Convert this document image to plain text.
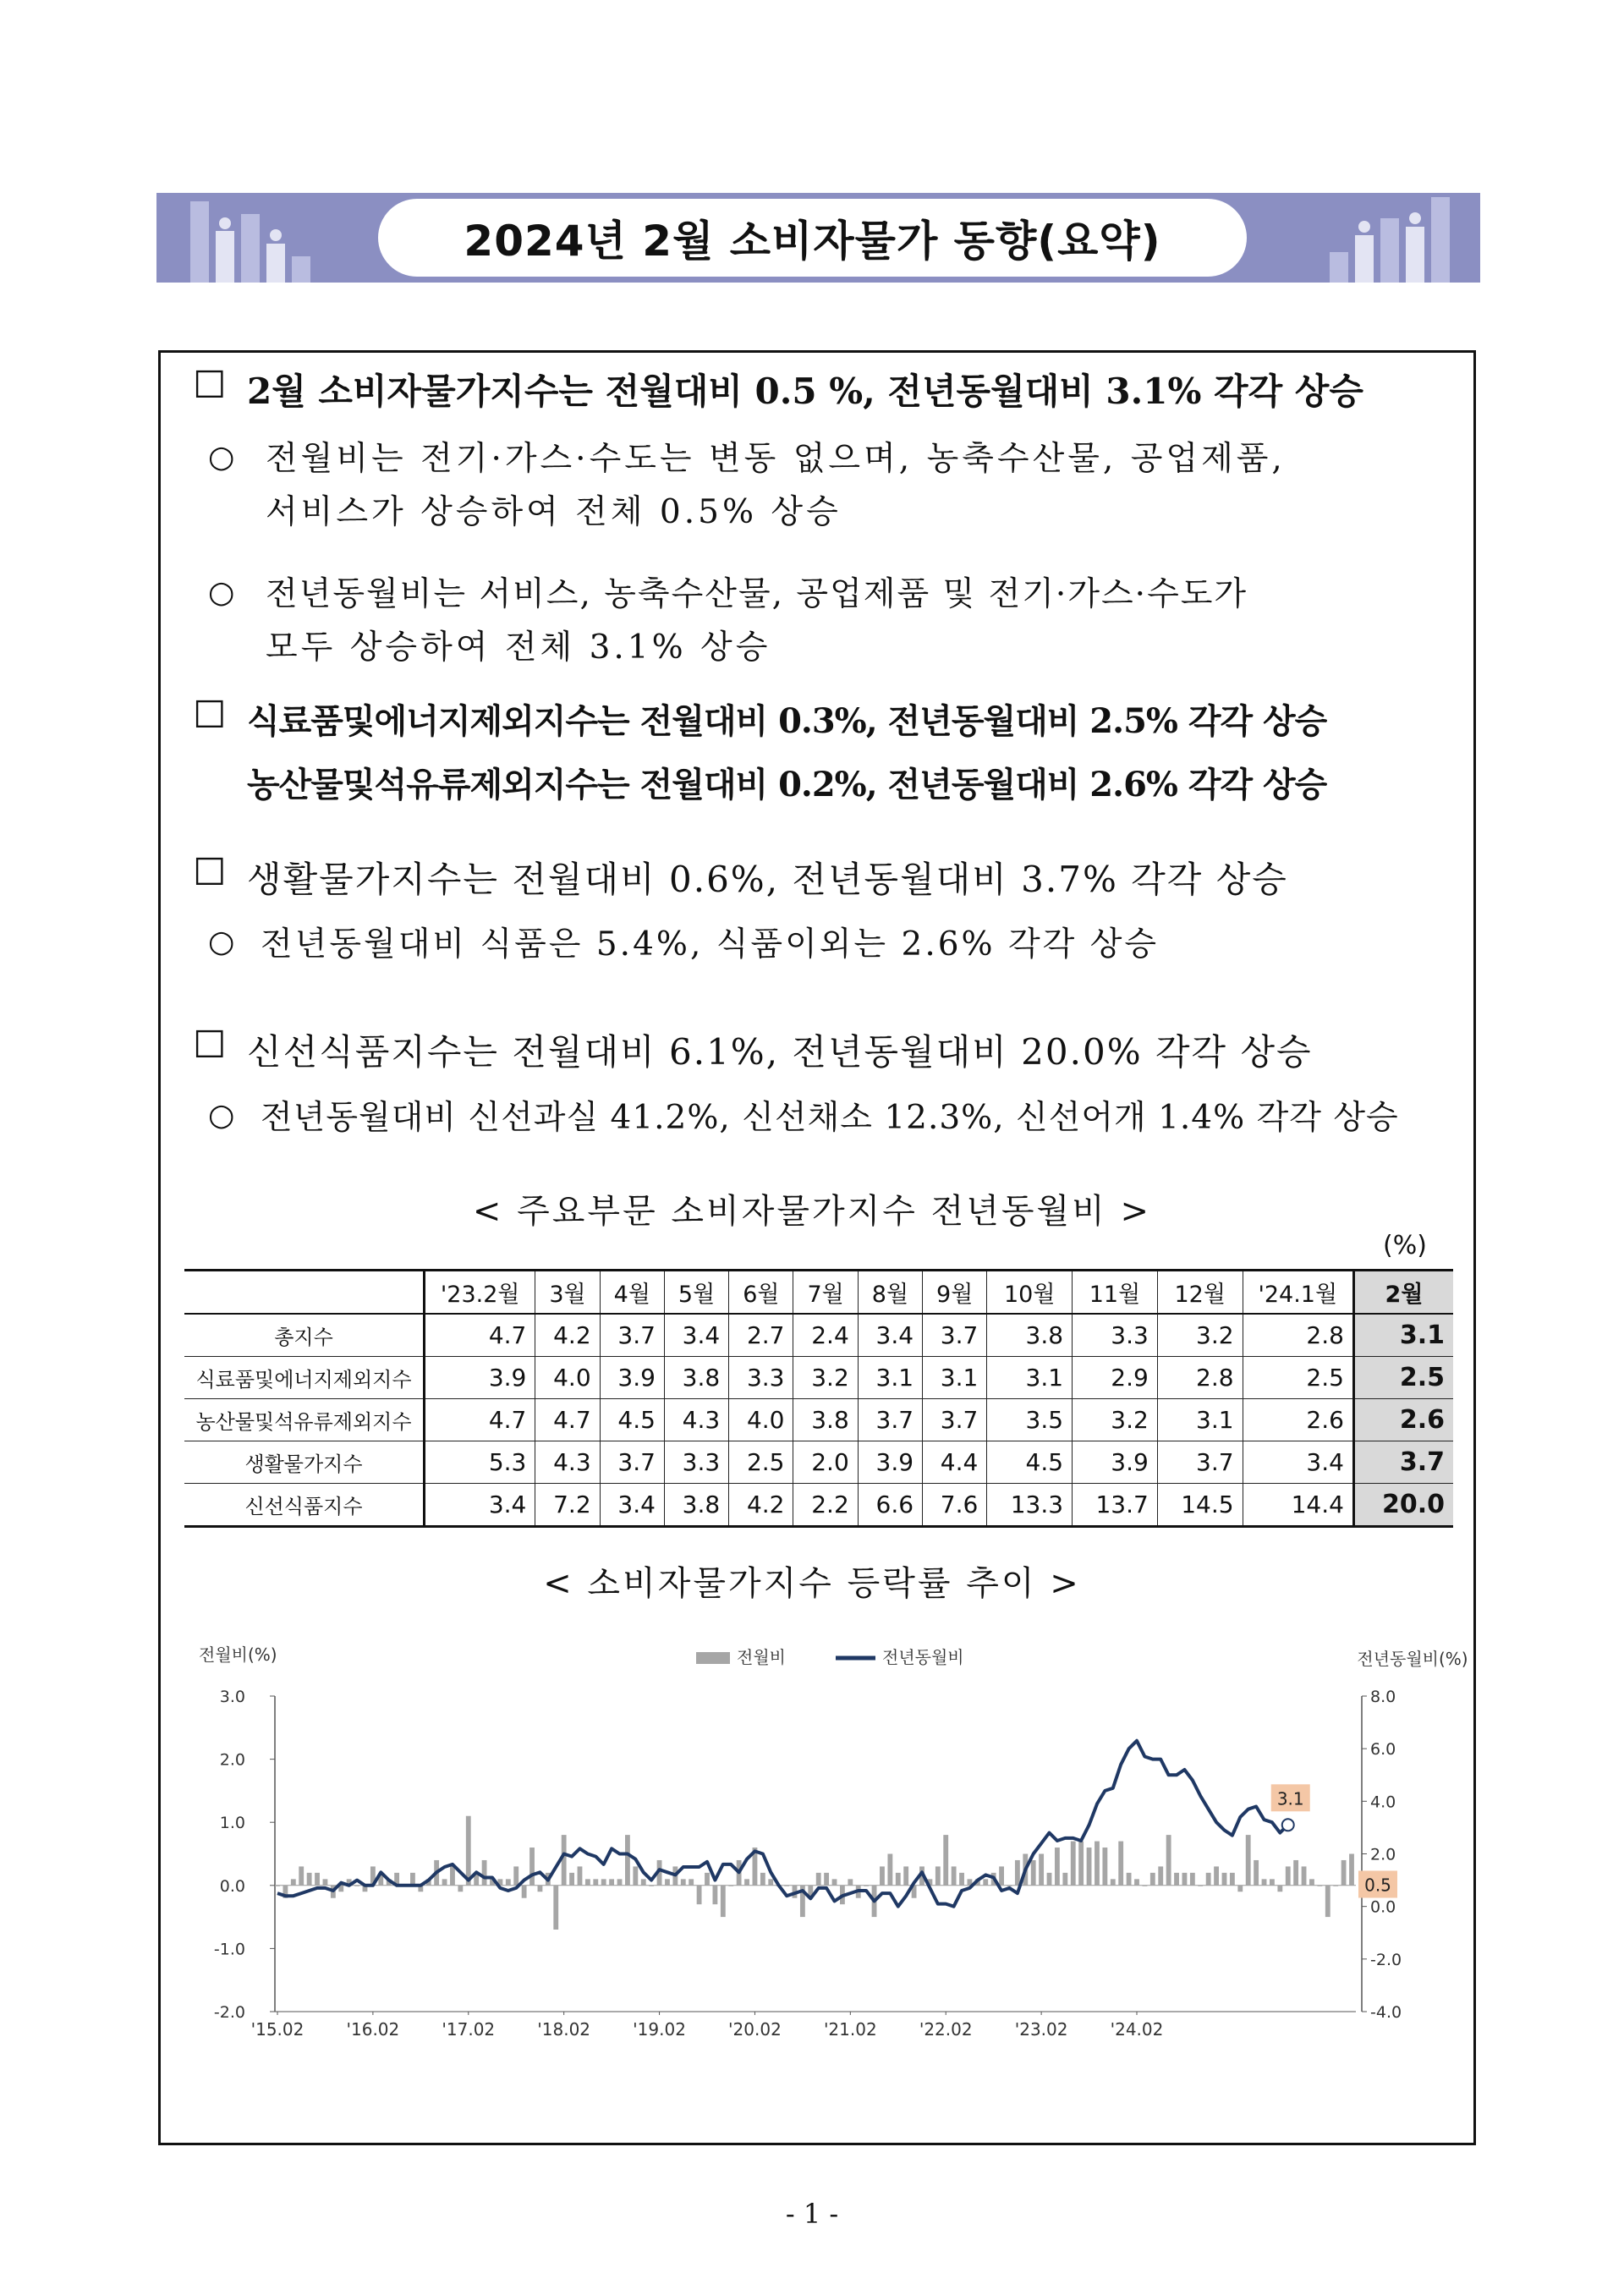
2024년 2월 소비자물가 동향(요약)
☐ 2월 소비자물가지수는 전월대비 0.5 %, 전년동월대비 3.1% 각각 상승
○ 전월비는 전기·가스·수도는 변동 없으며, 농축수산물, 공업제품,
서비스가 상승하여 전체 0.5% 상승
○ 전년동월비는 서비스, 농축수산물, 공업제품 및 전기·가스·수도가
모두 상승하여 전체 3.1% 상승
☐ 식료품및에너지제외지수는 전월대비 0.3%, 전년동월대비 2.5% 각각 상승
농산물및석유류제외지수는 전월대비 0.2%, 전년동월대비 2.6% 각각 상승
☐ 생활물가지수는 전월대비 0.6%, 전년동월대비 3.7% 각각 상승
○ 전년동월대비 식품은 5.4%, 식품이외는 2.6% 각각 상승
☐ 신선식품지수는 전월대비 6.1%, 전년동월대비 20.0% 각각 상승
○ 전년동월대비 신선과실 41.2%, 신선채소 12.3%, 신선어개 1.4% 각각 상승
< 주요부문 소비자물가지수 전년동월비 >
(%)
	'23.2월	3월	4월	5월	6월	7월	8월	9월	10월	11월	12월	'24.1월	2월
총지수	4.7	4.2	3.7	3.4	2.7	2.4	3.4	3.7	3.8	3.3	3.2	2.8	3.1
식료품및에너지제외지수	3.9	4.0	3.9	3.8	3.3	3.2	3.1	3.1	3.1	2.9	2.8	2.5	2.5
농산물및석유류제외지수	4.7	4.7	4.5	4.3	4.0	3.8	3.7	3.7	3.5	3.2	3.1	2.6	2.6
생활물가지수	5.3	4.3	3.7	3.3	2.5	2.0	3.9	4.4	4.5	3.9	3.7	3.4	3.7
신선식품지수	3.4	7.2	3.4	3.8	4.2	2.2	6.6	7.6	13.3	13.7	14.5	14.4	20.0
< 소비자물가지수 등락률 추이 >
전월비(%)	전년동월비(%)
전월비	전년동월비
3.0
2.0
1.0
0.0
-1.0
-2.0
8.0
6.0
4.0
2.0
0.0
-2.0
-4.0
'15.02	'16.02	'17.02	'18.02	'19.02	'20.02	'21.02	'22.02	'23.02	'24.02
3.1
0.5
- 1 -
